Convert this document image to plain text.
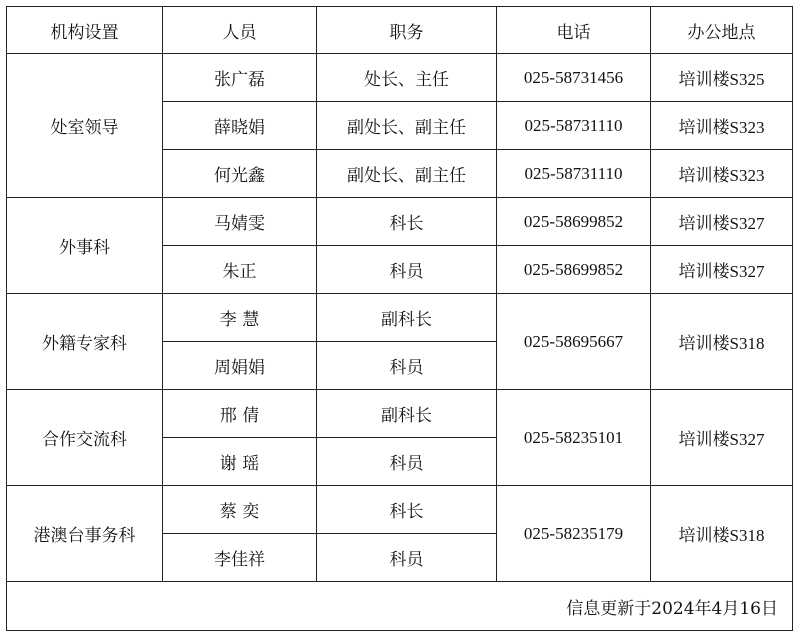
机构设置	人员	职务	电话	办公地点
处室领导	张广磊	处长、主任	025-58731456	培训楼S325
	薛晓娟	副处长、副主任	025-58731110	培训楼S323
	何光鑫	副处长、副主任	025-58731110	培训楼S323
外事科	马婧雯	科长	025-58699852	培训楼S327
	朱正	科员	025-58699852	培训楼S327
外籍专家科	李 慧	副科长	025-58695667	培训楼S318
	周娟娟	科员		
合作交流科	邢 倩	副科长	025-58235101	培训楼S327
	谢 瑶	科员		
港澳台事务科	蔡 奕	科长	025-58235179	培训楼S318
	李佳祥	科员		
信息更新于2024年4月16日				
